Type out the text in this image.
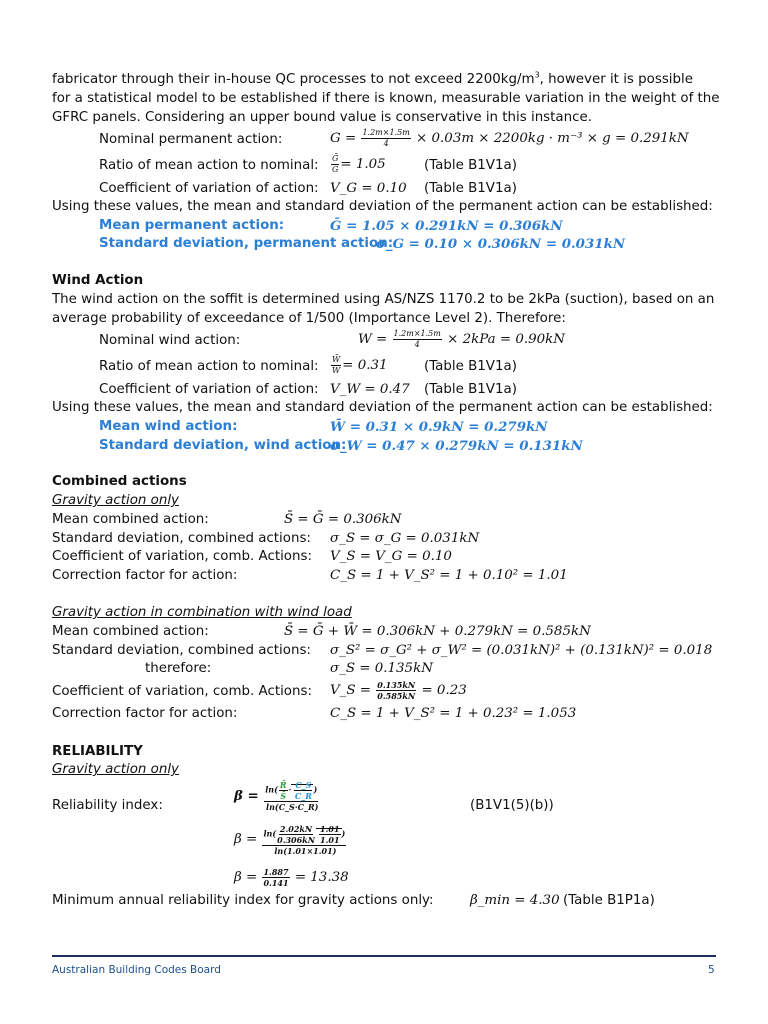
fabricator through their in-house QC processes to not exceed $2200kg/m^3$, however it is possible
for a statistical model to be established if there is known, measurable variation in the weight of the
GFRC panels. Considering an upper bound value is conservative in this instance.
Nominal permanent action:	$G = \frac{1.2m\times 1.5m}{4} \times 0.03m \times 2200kg \cdot m^{-3} \times g = 0.291kN$
Ratio of mean action to nominal: $\frac{\text{Ḡ}}{G} = 1.05$	(Table B1V1a)
Coefficient of variation of action: V_G = 0.10 (Table B1V1a)
Using these values, the mean and standard deviation of the permanent action can be established:
Mean permanent action:	Ḡ = 1.05 × 0.291kN = 0.306kN
Standard deviation, permanent action:
σ_G = 0.10 × 0.306kN = 0.031kN
Wind Action
The wind action on the soffit is determined using AS/NZS 1170.2 to be 2kPa (suction), based on an
average probability of exceedance of 1/500 (Importance Level 2). Therefore:
Nominal wind action:	$W = \frac{1.2m\times 1.5m}{4} \times 2kPa = 0.90kN$
Ratio of mean action to nominal: $\frac{W̄}{W} = 0.31$	(Table B1V1a)
Coefficient of variation of action: V_W = 0.47 (Table B1V1a)
Using these values, the mean and standard deviation of the permanent action can be established:
Mean wind action:	W̄ = 0.31 × 0.9kN = 0.279kN
Standard deviation, wind action:
σ_W = 0.47 × 0.279kN = 0.131kN
Combined actions
Gravity action only
Mean combined action:	S̄ = Ḡ = 0.306kN
Standard deviation, combined actions: σ_S = σ_G = 0.031kN
Coefficient of variation, comb. Actions: V_S = V_G = 0.10
Correction factor for action:	C_S = 1 + V_S² = 1 + 0.10² = 1.01
Gravity action in combination with wind load
Mean combined action:	S̄ = Ḡ + W̄ = 0.306kN + 0.279kN = 0.585kN
Standard deviation, combined actions: σ_S² = σ_G² + σ_W² = (0.031kN)² + (0.131kN)² = 0.018
therefore:	σ_S = 0.135kN
Coefficient of variation, comb. Actions: V_S = $\frac{0.135kN}{0.585kN} = 0.23$
Correction factor for action:	C_S = 1 + V_S² = 1 + 0.23² = 1.053
RELIABILITY
Gravity action only
Reliability index:
$\beta = \frac{\ln( \frac{R̄}{S̄} \cdot \frac{C\_S}{C\_R} )}{\ln(C\_S\cdot C\_R)}$	(B1V1(5)(b))
$\beta = \frac{\ln( \frac{2.02kN}{0.306kN} \frac{1.01}{1.01} )}{\ln(1.01\times 1.01)}$
$\beta = \frac{1.887}{0.141} = 13.38$
Minimum annual reliability index for gravity actions only:	β_min = 4.30 (Table B1P1a)
Australian Building Codes Board	5
